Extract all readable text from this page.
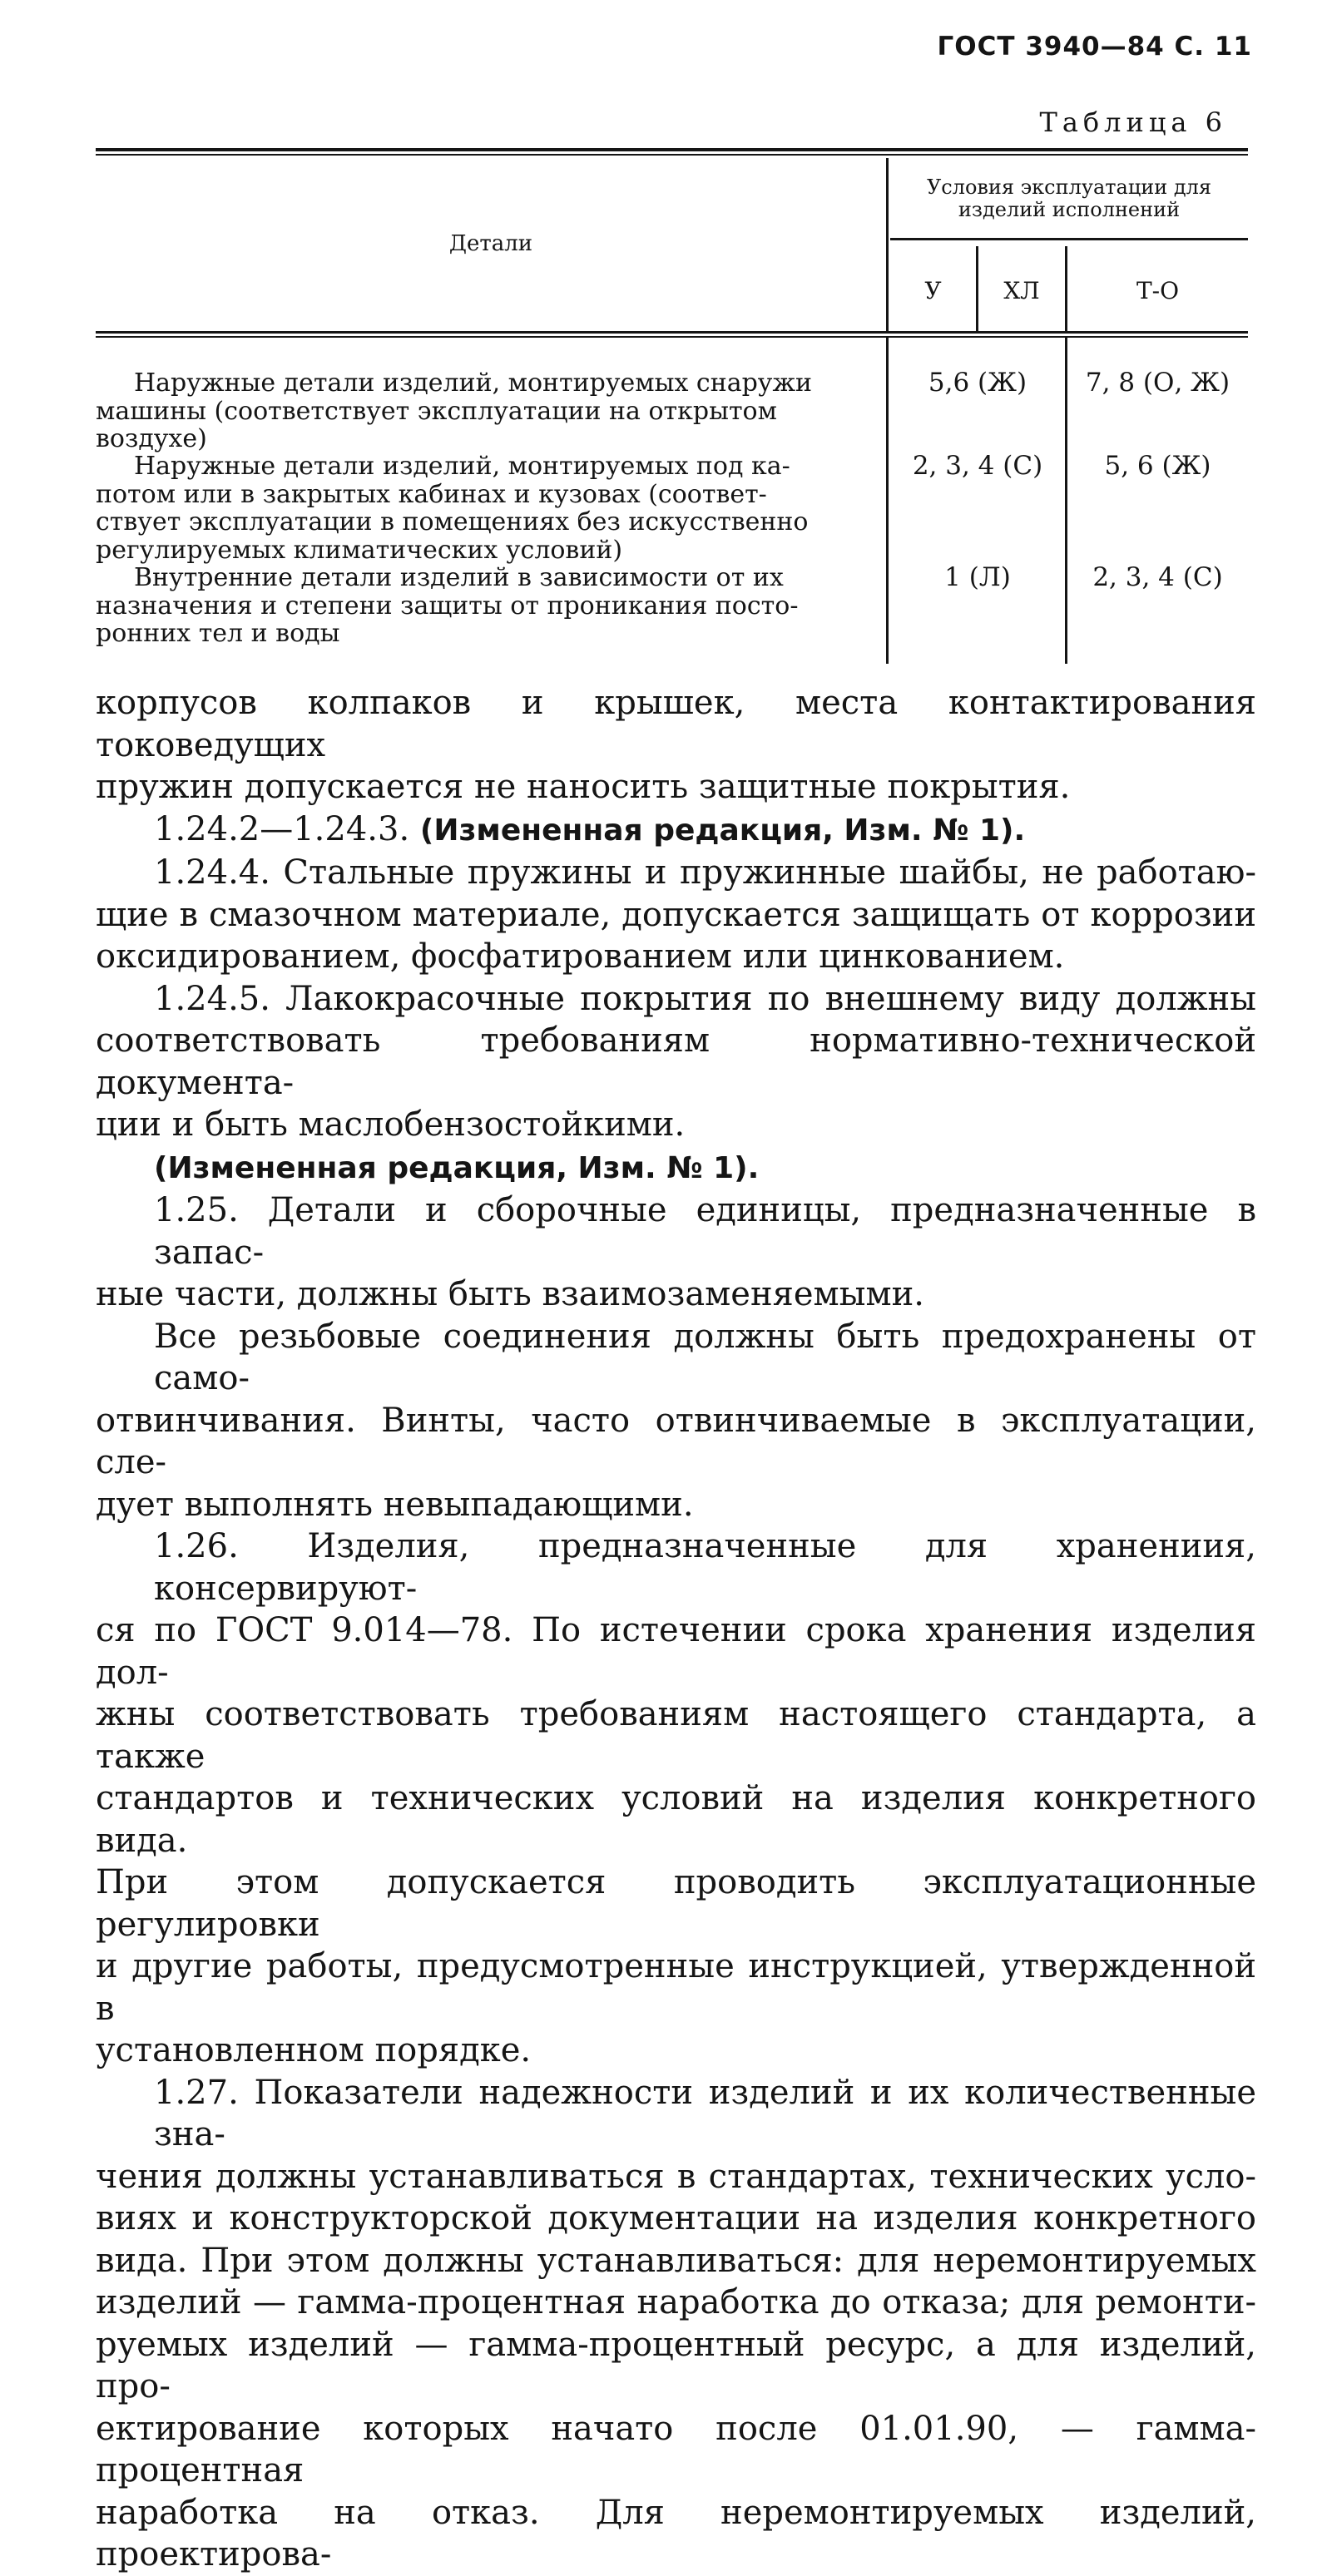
ГОСТ 3940—84 С. 11
Таблица 6
Детали
Условия эксплуатации для
изделий исполнений
У	ХЛ	Т-О
Наружные детали изделий, монтируемых снаружи
машины (соответствует эксплуатации на открытом
воздухе)
5,6 (Ж)	7, 8 (О, Ж)
Наружные детали изделий, монтируемых под ка-
потом или в закрытых кабинах и кузовах (соответ-
ствует эксплуатации в помещениях без искусственно
регулируемых климатических условий)
2, 3, 4 (С)	5, 6 (Ж)
Внутренние детали изделий в зависимости от их
назначения и степени защиты от проникания посто-
ронних тел и воды
1 (Л)	2, 3, 4 (С)

корпусов колпаков и крышек, места контактирования токоведущих
пружин допускается не наносить защитные покрытия.

1.24.2—1.24.3. (Измененная редакция, Изм. № 1).

1.24.4. Стальные пружины и пружинные шайбы, не работаю-
щие в смазочном материале, допускается защищать от коррозии
оксидированием, фосфатированием или цинкованием.

1.24.5. Лакокрасочные покрытия по внешнему виду должны
соответствовать требованиям нормативно-технической документа-
ции и быть маслобензостойкими.

(Измененная редакция, Изм. № 1).

1.25. Детали и сборочные единицы, предназначенные в запас-
ные части, должны быть взаимозаменяемыми.

Все резьбовые соединения должны быть предохранены от само-
отвинчивания. Винты, часто отвинчиваемые в эксплуатации, сле-
дует выполнять невыпадающими.

1.26. Изделия, предназначенные для хранениия, консервируют-
ся по ГОСТ 9.014—78. По истечении срока хранения изделия дол-
жны соответствовать требованиям настоящего стандарта, а также
стандартов и технических условий на изделия конкретного вида.
При этом допускается проводить эксплуатационные регулировки
и другие работы, предусмотренные инструкцией, утвержденной в
установленном порядке.

1.27. Показатели надежности изделий и их количественные зна-
чения должны устанавливаться в стандартах, технических усло-
виях и конструкторской документации на изделия конкретного
вида. При этом должны устанавливаться: для неремонтируемых
изделий — гамма-процентная наработка до отказа; для ремонти-
руемых изделий — гамма-процентный ресурс, а для изделий, про-
ектирование которых начато после 01.01.90, — гамма-процентная
наработка на отказ. Для неремонтируемых изделий, проектирова-
